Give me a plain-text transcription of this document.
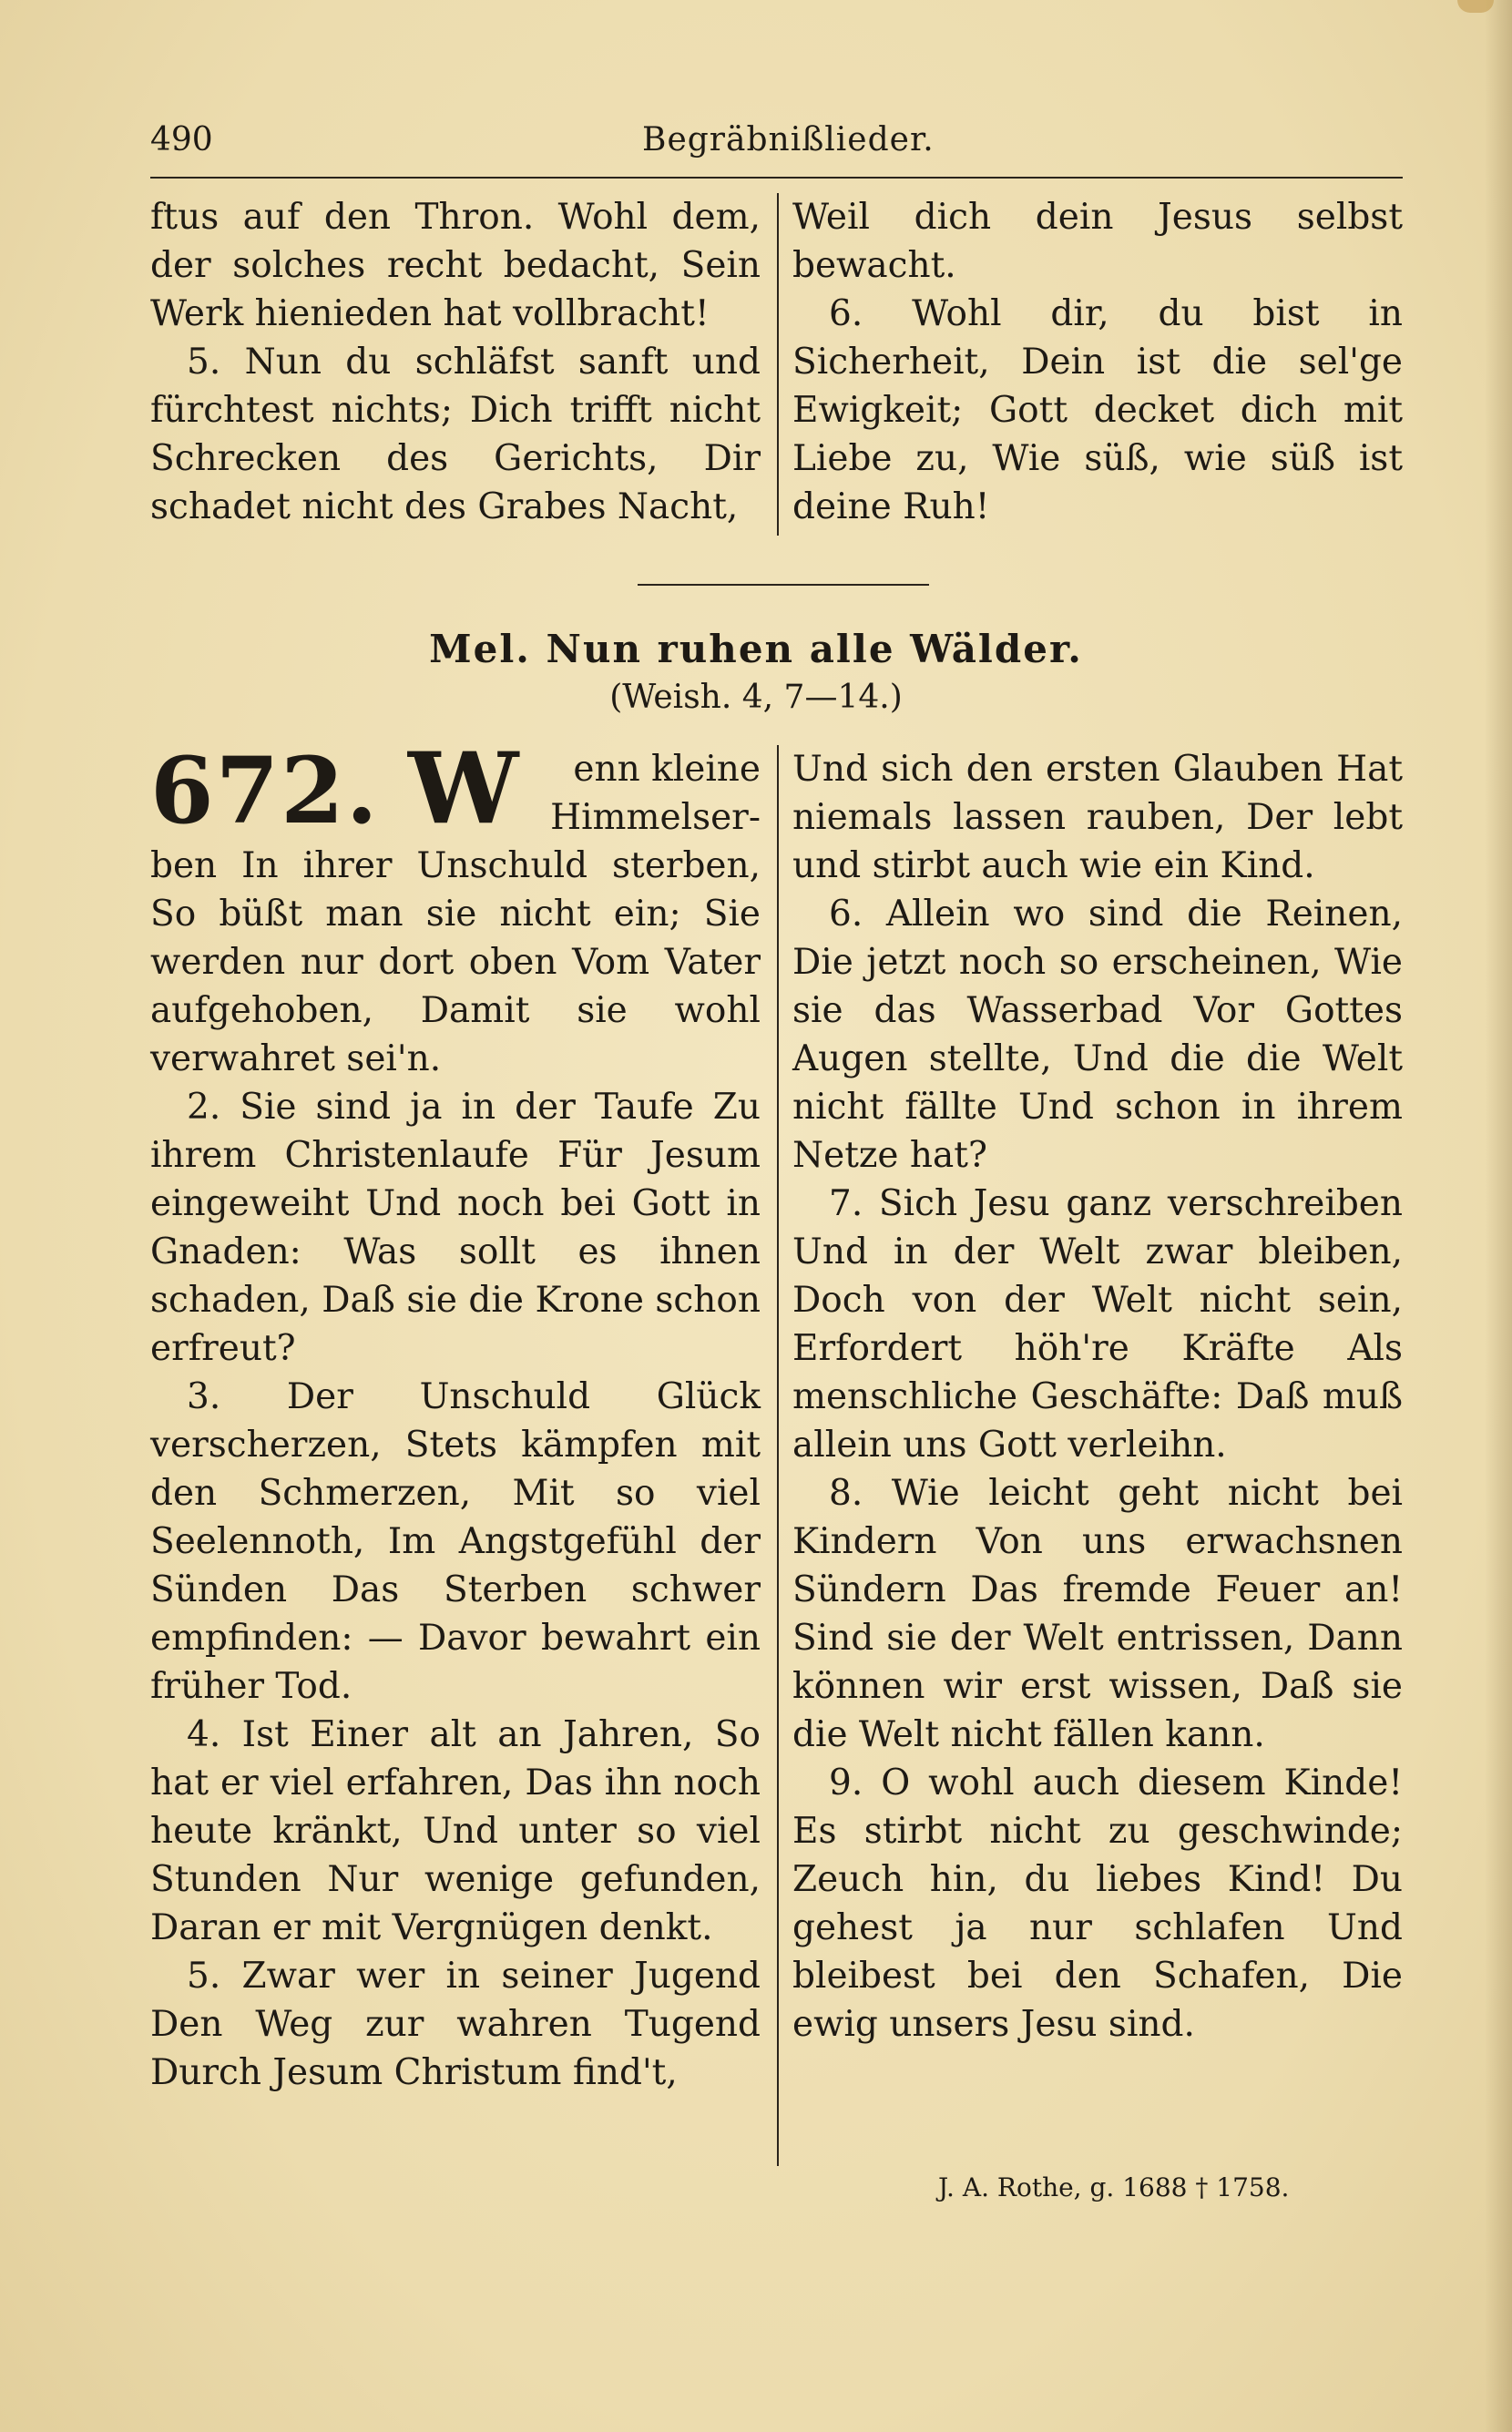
490	Begräbnißlieder.

ftus auf den Thron. Wohl dem, der solches recht bedacht, Sein Werk hienieden hat vollbracht!

5. Nun du schläfst sanft und fürchtest nichts; Dich trifft nicht Schrecken des Gerichts, Dir schadet nicht des Grabes Nacht,

Weil dich dein Jesus selbst bewacht.

6. Wohl dir, du bist in Sicherheit, Dein ist die sel'ge Ewigkeit; Gott decket dich mit Liebe zu, Wie süß, wie süß ist deine Ruh!

Mel. Nun ruhen alle Wälder.
(Weish. 4, 7—14.)
672. W	enn kleine
Himmelser-

ben In ihrer Unschuld sterben, So büßt man sie nicht ein; Sie werden nur dort oben Vom Vater aufgehoben, Damit sie wohl verwahret sei'n.

2. Sie sind ja in der Taufe Zu ihrem Christenlaufe Für Jesum eingeweiht Und noch bei Gott in Gnaden: Was sollt es ihnen schaden, Daß sie die Krone schon erfreut?

3. Der Unschuld Glück verscherzen, Stets kämpfen mit den Schmerzen, Mit so viel Seelennoth, Im Angstgefühl der Sünden Das Sterben schwer empfinden: — Davor bewahrt ein früher Tod.

4. Ist Einer alt an Jahren, So hat er viel erfahren, Das ihn noch heute kränkt, Und unter so viel Stunden Nur wenige gefunden, Daran er mit Vergnügen denkt.

5. Zwar wer in seiner Jugend Den Weg zur wahren Tugend Durch Jesum Christum find't,

Und sich den ersten Glauben Hat niemals lassen rauben, Der lebt und stirbt auch wie ein Kind.

6. Allein wo sind die Reinen, Die jetzt noch so erscheinen, Wie sie das Wasserbad Vor Gottes Augen stellte, Und die die Welt nicht fällte Und schon in ihrem Netze hat?

7. Sich Jesu ganz verschreiben Und in der Welt zwar bleiben, Doch von der Welt nicht sein, Erfordert höh're Kräfte Als menschliche Geschäfte: Daß muß allein uns Gott verleihn.

8. Wie leicht geht nicht bei Kindern Von uns erwachsnen Sündern Das fremde Feuer an! Sind sie der Welt entrissen, Dann können wir erst wissen, Daß sie die Welt nicht fällen kann.

9. O wohl auch diesem Kinde! Es stirbt nicht zu geschwinde; Zeuch hin, du liebes Kind! Du gehest ja nur schlafen Und bleibest bei den Schafen, Die ewig unsers Jesu sind.

J. A. Rothe, g. 1688 † 1758.
